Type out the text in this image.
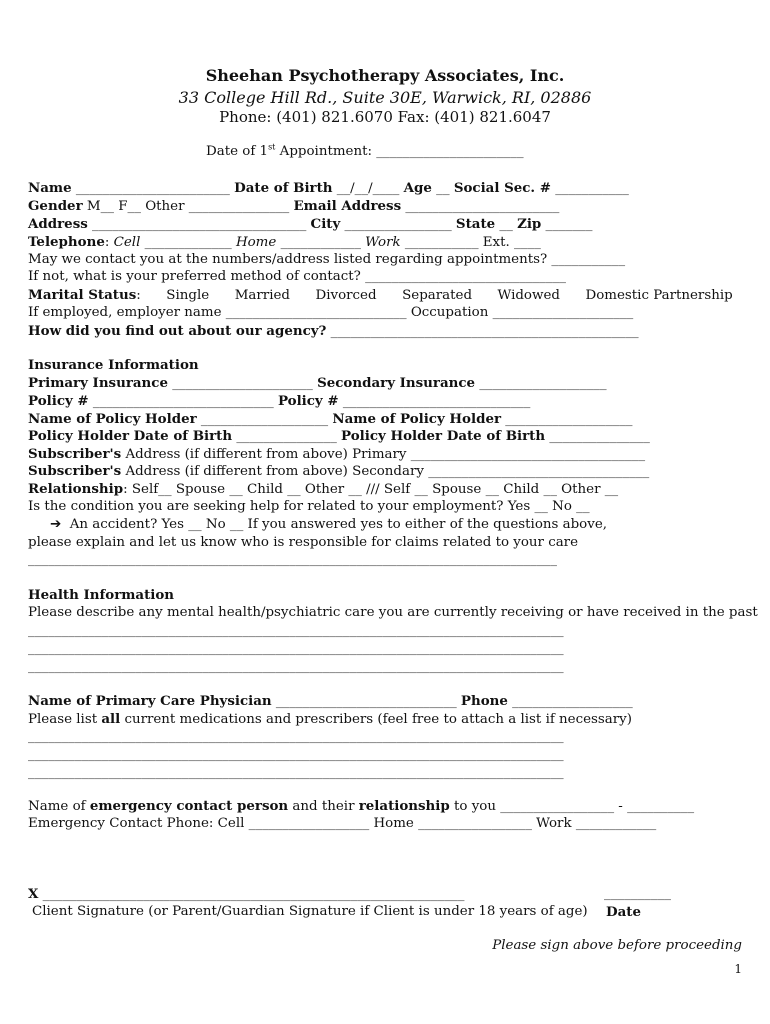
Sheehan Psychotherapy Associates, Inc.
33 College Hill Rd., Suite 30E, Warwick, RI, 02886
Phone: (401) 821.6070 Fax: (401) 821.6047
Date of 1st Appointment: ______________________
Name _______________________ Date of Birth __/__/____ Age __ Social Sec. # ___________
Gender M__ F__ Other _______________ Email Address _______________________
Address ________________________________ City ________________ State __ Zip _______
Telephone: Cell _____________ Home ____________ Work ___________ Ext. ____
May we contact you at the numbers/address listed regarding appointments? ___________
If not, what is your preferred method of contact? ______________________________
Marital Status:      Single      Married      Divorced      Separated      Widowed      Domestic Partnership
If employed, employer name ___________________________ Occupation _____________________
How did you find out about our agency? ______________________________________________
Insurance Information
Primary Insurance _____________________ Secondary Insurance ___________________
Policy # ___________________________ Policy # ____________________________
Name of Policy Holder ___________________ Name of Policy Holder ___________________
Policy Holder Date of Birth _______________ Policy Holder Date of Birth _______________
Subscriber's Address (if different from above) Primary ___________________________________
Subscriber's Address (if different from above) Secondary _________________________________
Relationship: Self__ Spouse __ Child __ Other __ /// Self __ Spouse __ Child __ Other __
Is the condition you are seeking help for related to your employment? Yes __ No __
➔  An accident? Yes __ No __ If you answered yes to either of the questions above,
please explain and let us know who is responsible for claims related to your care
_______________________________________________________________________________
Health Information
Please describe any mental health/psychiatric care you are currently receiving or have received in the past
________________________________________________________________________________
________________________________________________________________________________
________________________________________________________________________________
Name of Primary Care Physician ___________________________ Phone __________________
Please list all current medications and prescribers (feel free to attach a list if necessary)
________________________________________________________________________________
________________________________________________________________________________
________________________________________________________________________________
Name of emergency contact person and their relationship to you _________________ - __________
Emergency Contact Phone: Cell __________________ Home _________________ Work ____________
X _______________________________________________________________	__________
Client Signature (or Parent/Guardian Signature if Client is under 18 years of age) Date
Please sign above before proceeding
1
